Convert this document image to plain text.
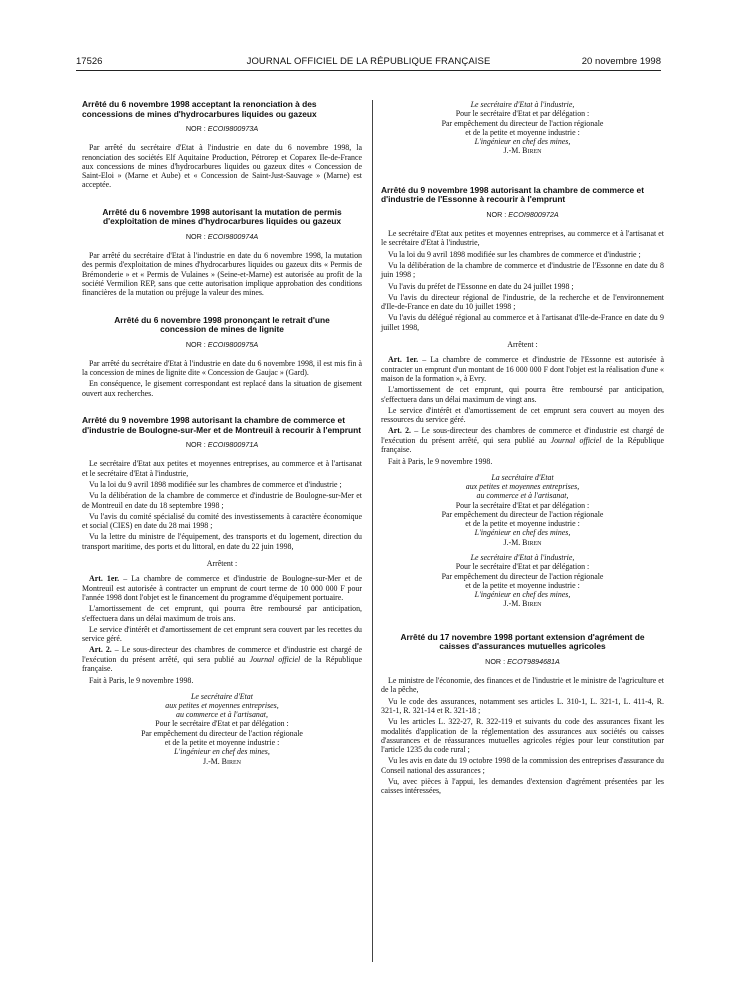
17526	JOURNAL OFFICIEL DE LA RÉPUBLIQUE FRANÇAISE	20 novembre 1998
Arrêté du 6 novembre 1998 acceptant la renonciation à des concessions de mines d'hydrocarbures liquides ou gazeux
NOR : ECOI9800973A

Par arrêté du secrétaire d'Etat à l'industrie en date du 6 novembre 1998, la renonciation des sociétés Elf Aquitaine Production, Pétrorep et Coparex Ile-de-France aux concessions de mines d'hydrocarbures liquides ou gazeux dites « Concession de Saint-Eloi » (Marne et Aube) et « Concession de Saint-Just-Sauvage » (Marne) est acceptée.

Arrêté du 6 novembre 1998 autorisant la mutation de permis d'exploitation de mines d'hydrocarbures liquides ou gazeux
NOR : ECOI9800974A

Par arrêté du secrétaire d'Etat à l'industrie en date du 6 novembre 1998, la mutation des permis d'exploitation de mines d'hydrocarbures liquides ou gazeux dits « Permis de Brémonderie » et « Permis de Vulaines » (Seine-et-Marne) est autorisée au profit de la société Vermilion REP, sans que cette autorisation implique approbation des conditions financières de la mutation ou préjuge la valeur des mines.

Arrêté du 6 novembre 1998 prononçant le retrait d'une concession de mines de lignite
NOR : ECOI9800975A

Par arrêté du secrétaire d'Etat à l'industrie en date du 6 novembre 1998, il est mis fin à la concession de mines de lignite dite « Concession de Gaujac » (Gard).

En conséquence, le gisement correspondant est replacé dans la situation de gisement ouvert aux recherches.

Arrêté du 9 novembre 1998 autorisant la chambre de commerce et d'industrie de Boulogne-sur-Mer et de Montreuil à recourir à l'emprunt
NOR : ECOI9800971A

Le secrétaire d'Etat aux petites et moyennes entreprises, au commerce et à l'artisanat et le secrétaire d'Etat à l'industrie,

Vu la loi du 9 avril 1898 modifiée sur les chambres de commerce et d'industrie ;

Vu la délibération de la chambre de commerce et d'industrie de Boulogne-sur-Mer et de Montreuil en date du 18 septembre 1998 ;

Vu l'avis du comité spécialisé du comité des investissements à caractère économique et social (CIES) en date du 28 mai 1998 ;

Vu la lettre du ministre de l'équipement, des transports et du logement, direction du transport maritime, des ports et du littoral, en date du 22 juin 1998,

Arrêtent :

Art. 1er. – La chambre de commerce et d'industrie de Boulogne-sur-Mer et de Montreuil est autorisée à contracter un emprunt de court terme de 10 000 000 F pour l'année 1998 dont l'objet est le financement du programme d'équipement portuaire.

L'amortissement de cet emprunt, qui pourra être remboursé par anticipation, s'effectuera dans un délai maximum de trois ans.

Le service d'intérêt et d'amortissement de cet emprunt sera couvert par les recettes du service géré.

Art. 2. – Le sous-directeur des chambres de commerce et d'industrie est chargé de l'exécution du présent arrêté, qui sera publié au Journal officiel de la République française.

Fait à Paris, le 9 novembre 1998.

Le secrétaire d'Etat

aux petites et moyennes entreprises,

au commerce et à l'artisanat,

Pour le secrétaire d'Etat et par délégation :

Par empêchement du directeur de l'action régionale

et de la petite et moyenne industrie :

L'ingénieur en chef des mines,

J.-M. Biren

Le secrétaire d'Etat à l'industrie,

Pour le secrétaire d'Etat et par délégation :

Par empêchement du directeur de l'action régionale

et de la petite et moyenne industrie :

L'ingénieur en chef des mines,

J.-M. Biren

Arrêté du 9 novembre 1998 autorisant la chambre de commerce et d'industrie de l'Essonne à recourir à l'emprunt
NOR : ECOI9800972A

Le secrétaire d'Etat aux petites et moyennes entreprises, au commerce et à l'artisanat et le secrétaire d'Etat à l'industrie,

Vu la loi du 9 avril 1898 modifiée sur les chambres de commerce et d'industrie ;

Vu la délibération de la chambre de commerce et d'industrie de l'Essonne en date du 8 juin 1998 ;

Vu l'avis du préfet de l'Essonne en date du 24 juillet 1998 ;

Vu l'avis du directeur régional de l'industrie, de la recherche et de l'environnement d'Ile-de-France en date du 10 juillet 1998 ;

Vu l'avis du délégué régional au commerce et à l'artisanat d'Ile-de-France en date du 9 juillet 1998,

Arrêtent :

Art. 1er. – La chambre de commerce et d'industrie de l'Essonne est autorisée à contracter un emprunt d'un montant de 16 000 000 F dont l'objet est la réalisation d'une « maison de la formation », à Evry.

L'amortissement de cet emprunt, qui pourra être remboursé par anticipation, s'effectuera dans un délai maximum de vingt ans.

Le service d'intérêt et d'amortissement de cet emprunt sera couvert au moyen des ressources du service géré.

Art. 2. – Le sous-directeur des chambres de commerce et d'industrie est chargé de l'exécution du présent arrêté, qui sera publié au Journal officiel de la République française.

Fait à Paris, le 9 novembre 1998.

La secrétaire d'Etat

aux petites et moyennes entreprises,

au commerce et à l'artisanat,

Pour la secrétaire d'Etat et par délégation :

Par empêchement du directeur de l'action régionale

et de la petite et moyenne industrie :

L'ingénieur en chef des mines,

J.-M. Biren

Le secrétaire d'Etat à l'industrie,

Pour le secrétaire d'Etat et par délégation :

Par empêchement du directeur de l'action régionale

et de la petite et moyenne industrie :

L'ingénieur en chef des mines,

J.-M. Biren

Arrêté du 17 novembre 1998 portant extension d'agrément de caisses d'assurances mutuelles agricoles
NOR : ECOT9894681A

Le ministre de l'économie, des finances et de l'industrie et le ministre de l'agriculture et de la pêche,

Vu le code des assurances, notamment ses articles L. 310-1, L. 321-1, L. 411-4, R. 321-1, R. 321-14 et R. 321-18 ;

Vu les articles L. 322-27, R. 322-119 et suivants du code des assurances fixant les modalités d'application de la réglementation des assurances aux sociétés ou caisses d'assurances et de réassurances mutuelles agricoles régies pour leur constitution par l'article 1235 du code rural ;

Vu les avis en date du 19 octobre 1998 de la commission des entreprises d'assurance du Conseil national des assurances ;

Vu, avec pièces à l'appui, les demandes d'extension d'agrément présentées par les caisses intéressées,
